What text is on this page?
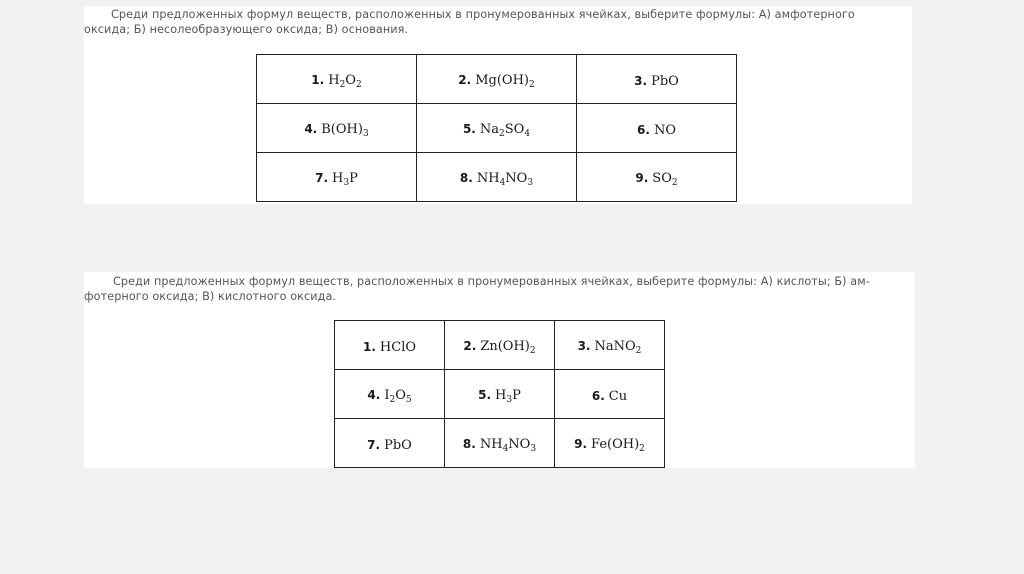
Среди предложенных формул веществ, расположенных в пронумерованных ячейках, выберите формулы: А) амфотерного
оксида; Б) несолеобразующего оксида; В) основания.
1. $H_2O_2$	2. $Mg(OH)_2$	3. PbO
4. $B(OH)_3$	5. $Na_2SO_4$	6. NO
7. $H_3P$	8. $NH_4NO_3$	9. $SO_2$
Среди предложенных формул веществ, расположенных в пронумерованных ячейках, выберите формулы: А) кислоты; Б) ам-
фотерного оксида; В) кислотного оксида.
1. HClO	2. $Zn(OH)_2$	3. NaNO$_2$
4. $I_2O_5$	5. $H_3P$	6. Cu
7. PbO	8. $NH_4NO_3$	9. $Fe(OH)_2$
